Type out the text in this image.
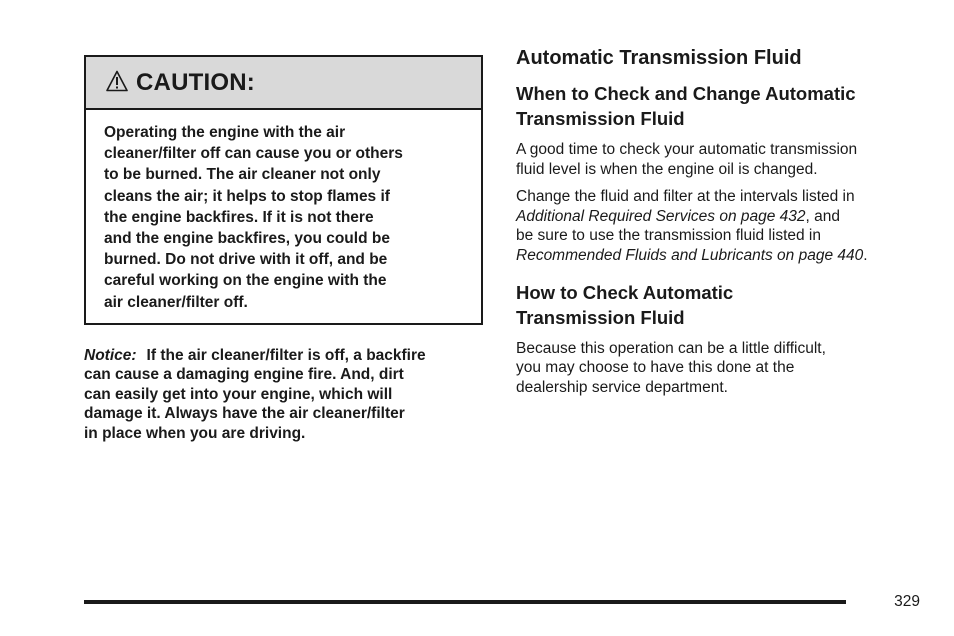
CAUTION:

Operating the engine with the air
cleaner/filter off can cause you or others
to be burned. The air cleaner not only
cleans the air; it helps to stop flames if
the engine backfires. If it is not there
and the engine backfires, you could be
burned. Do not drive with it off, and be
careful working on the engine with the
air cleaner/filter off.

Notice: If the air cleaner/filter is off, a backfire
can cause a damaging engine fire. And, dirt
can easily get into your engine, which will
damage it. Always have the air cleaner/filter
in place when you are driving.

Automatic Transmission Fluid
When to Check and Change Automatic
Transmission Fluid

A good time to check your automatic transmission
fluid level is when the engine oil is changed.

Change the fluid and filter at the intervals listed in
Additional Required Services on page 432, and
be sure to use the transmission fluid listed in
Recommended Fluids and Lubricants on page 440.

How to Check Automatic
Transmission Fluid

Because this operation can be a little difficult,
you may choose to have this done at the
dealership service department.

329
